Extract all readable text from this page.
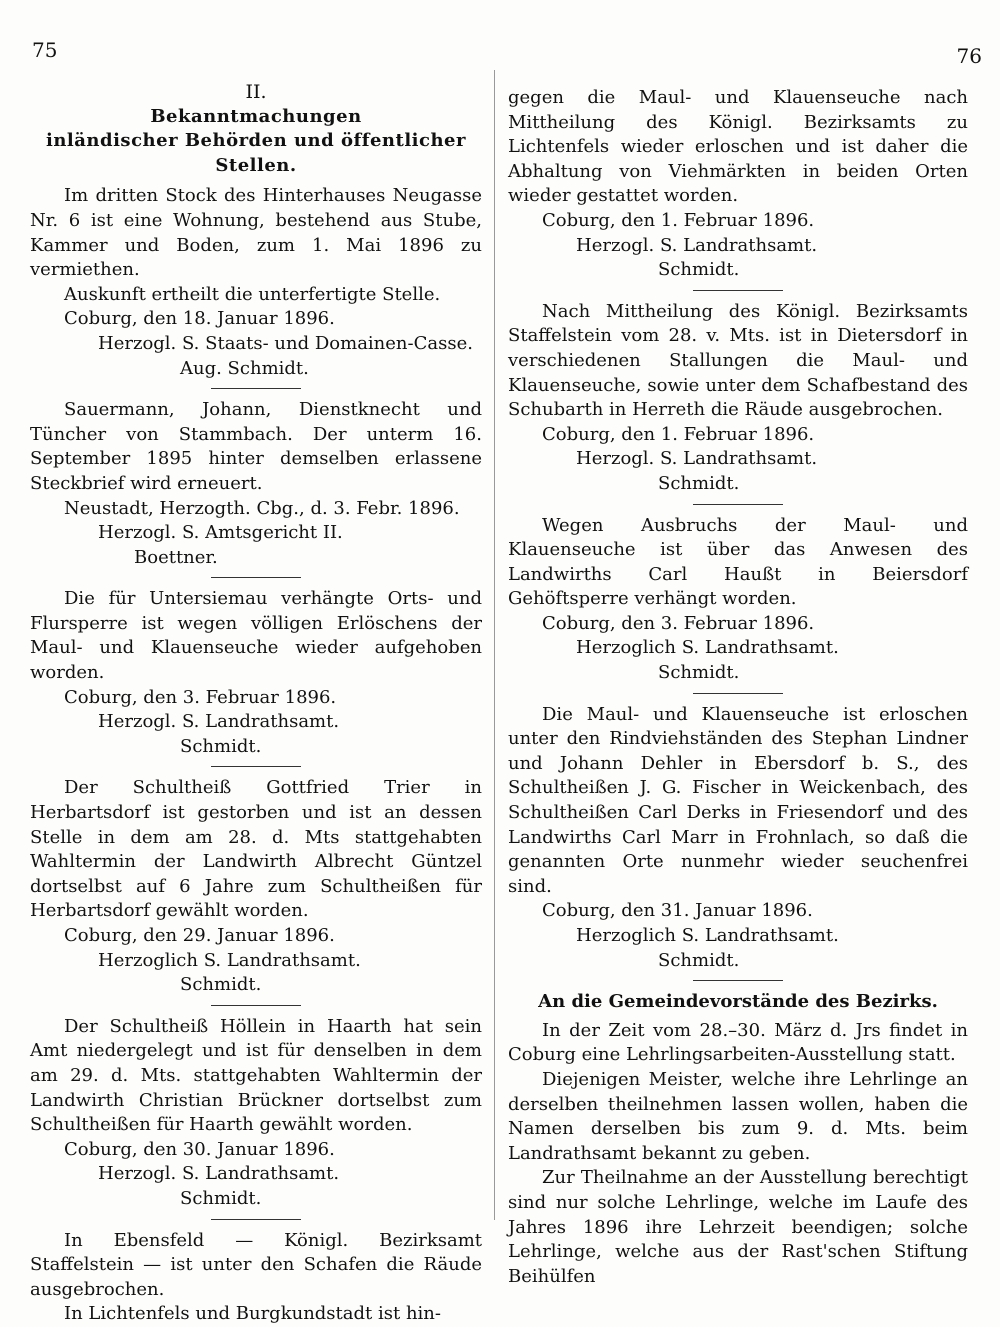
75	76

II.

Bekanntmachungen

inländischer Behörden und öffentlicher Stellen.

Im dritten Stock des Hinterhauses Neugasse Nr. 6 ist eine Wohnung, bestehend aus Stube, Kammer und Boden, zum 1. Mai 1896 zu vermiethen.

Auskunft ertheilt die unterfertigte Stelle.

Coburg, den 18. Januar 1896.

Herzogl. S. Staats- und Domainen-Casse.

Aug. Schmidt.

Sauermann, Johann, Dienstknecht und Tüncher von Stammbach. Der unterm 16. September 1895 hinter demselben erlassene Steckbrief wird erneuert.

Neustadt, Herzogth. Cbg., d. 3. Febr. 1896.

Herzogl. S. Amtsgericht II.

Boettner.

Die für Untersiemau verhängte Orts- und Flursperre ist wegen völligen Erlöschens der Maul- und Klauenseuche wieder aufgehoben worden.

Coburg, den 3. Februar 1896.

Herzogl. S. Landrathsamt.

Schmidt.

Der Schultheiß Gottfried Trier in Herbartsdorf ist gestorben und ist an dessen Stelle in dem am 28. d. Mts stattgehabten Wahltermin der Landwirth Albrecht Güntzel dortselbst auf 6 Jahre zum Schultheißen für Herbartsdorf gewählt worden.

Coburg, den 29. Januar 1896.

Herzoglich S. Landrathsamt.

Schmidt.

Der Schultheiß Höllein in Haarth hat sein Amt niedergelegt und ist für denselben in dem am 29. d. Mts. stattgehabten Wahltermin der Landwirth Christian Brückner dortselbst zum Schultheißen für Haarth gewählt worden.

Coburg, den 30. Januar 1896.

Herzogl. S. Landrathsamt.

Schmidt.

In Ebensfeld — Königl. Bezirksamt Staffelstein — ist unter den Schafen die Räude ausgebrochen.

In Lichtenfels und Burgkundstadt ist hin-

gegen die Maul- und Klauenseuche nach Mittheilung des Königl. Bezirksamts zu Lichtenfels wieder erloschen und ist daher die Abhaltung von Viehmärkten in beiden Orten wieder gestattet worden.

Coburg, den 1. Februar 1896.

Herzogl. S. Landrathsamt.

Schmidt.

Nach Mittheilung des Königl. Bezirksamts Staffelstein vom 28. v. Mts. ist in Dietersdorf in verschiedenen Stallungen die Maul- und Klauenseuche, sowie unter dem Schafbestand des Schubarth in Herreth die Räude ausgebrochen.

Coburg, den 1. Februar 1896.

Herzogl. S. Landrathsamt.

Schmidt.

Wegen Ausbruchs der Maul- und Klauenseuche ist über das Anwesen des Landwirths Carl Haußt in Beiersdorf Gehöftsperre verhängt worden.

Coburg, den 3. Februar 1896.

Herzoglich S. Landrathsamt.

Schmidt.

Die Maul- und Klauenseuche ist erloschen unter den Rindviehständen des Stephan Lindner und Johann Dehler in Ebersdorf b. S., des Schultheißen J. G. Fischer in Weickenbach, des Schultheißen Carl Derks in Friesendorf und des Landwirths Carl Marr in Frohnlach, so daß die genannten Orte nunmehr wieder seuchenfrei sind.

Coburg, den 31. Januar 1896.

Herzoglich S. Landrathsamt.

Schmidt.

An die Gemeindevorstände des Bezirks.

In der Zeit vom 28.–30. März d. Jrs findet in Coburg eine Lehrlingsarbeiten-Ausstellung statt.

Diejenigen Meister, welche ihre Lehrlinge an derselben theilnehmen lassen wollen, haben die Namen derselben bis zum 9. d. Mts. beim Landrathsamt bekannt zu geben.

Zur Theilnahme an der Ausstellung berechtigt sind nur solche Lehrlinge, welche im Laufe des Jahres 1896 ihre Lehrzeit beendigen; solche Lehrlinge, welche aus der Rast'schen Stiftung Beihülfen
